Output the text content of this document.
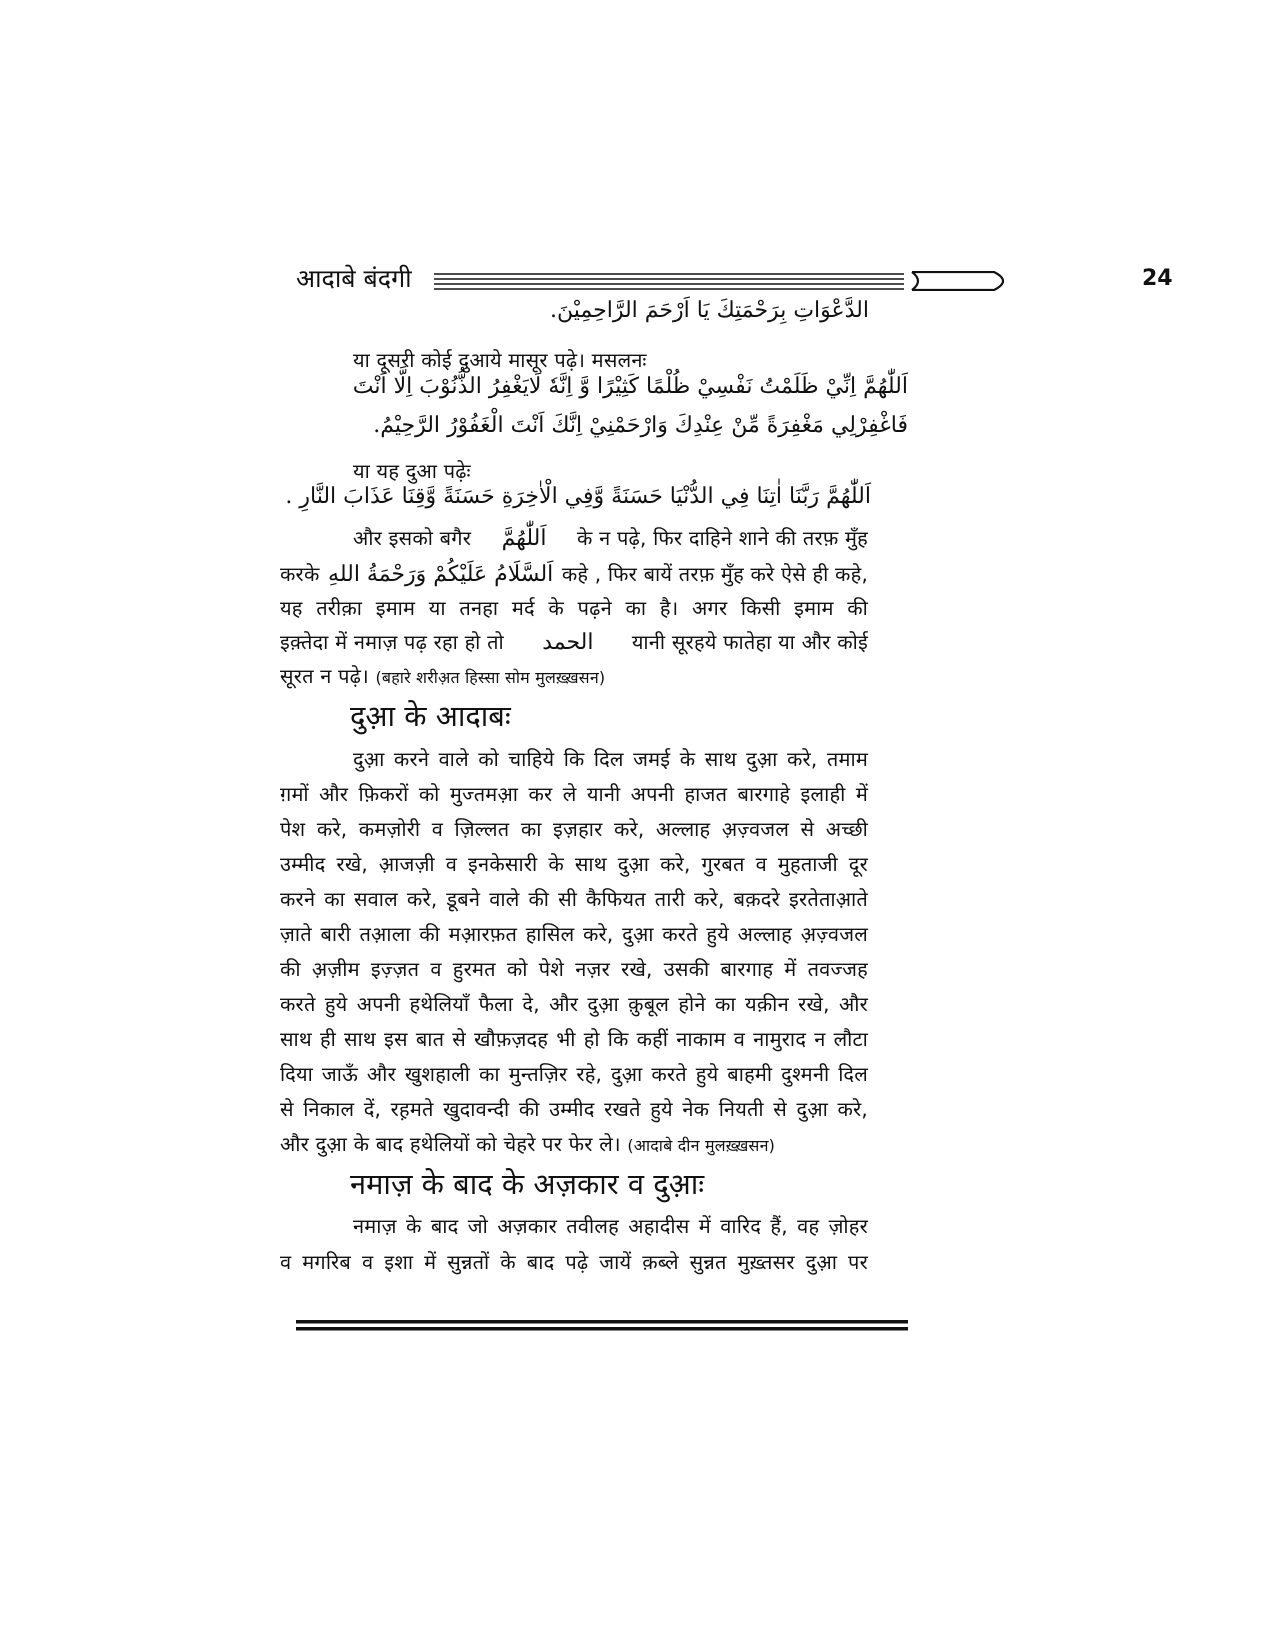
आदाबे बंदगी	24
الدَّعْوَاتِ بِرَحْمَتِكَ يَا اَرْحَمَ الرَّاحِمِيْنَ.
या दूसरी कोई दुआये मासूर पढ़े। मसलनः
اَللّٰهُمَّ اِنِّيْ ظَلَمْتُ نَفْسِيْ ظُلْمًا كَثِيْرًا وَّ اِنَّهٗ لَايَغْفِرُ الذُّنُوْبَ اِلَّا اَنْتَ
فَاغْفِرْلِي مَغْفِرَةً مِّنْ عِنْدِكَ وَارْحَمْنِيْ اِنَّكَ اَنْتَ الْغَفُوْرُ الرَّحِيْمُ.
या यह दुआ पढ़ेः
اَللّٰهُمَّ رَبَّنَا اٰتِنَا فِي الدُّنْيَا حَسَنَةً وَّفِي الْاٰخِرَةِ حَسَنَةً وَّقِنَا عَذَابَ النَّارِ .
और इसको बगैर اَللّٰهُمَّ के न पढ़े, फिर दाहिने शाने की तरफ़ मुँह
करके اَلسَّلَامُ عَلَيْكُمْ وَرَحْمَةُ اللهِ कहे , फिर बायें तरफ़ मुँह करे ऐसे ही कहे,
यह तरीक़ा इमाम या तनहा मर्द के पढ़ने का है। अगर किसी इमाम की
इक़्तेदा में नमाज़ पढ़ रहा हो तो الحمد यानी सूरहये फातेहा या और कोई
सूरत न पढ़े। (बहारे शरीअ़त हिस्सा सोम मुलख़्ख़सन)
दुआ़ के आदाबः
दुआ़ करने वाले को चाहिये कि दिल जमई के साथ दुआ़ करे, तमाम
ग़मों और फ़िकरों को मुज्तमआ़ कर ले यानी अपनी हाजत बारगाहे इलाही में
पेश करे, कमज़ोरी व ज़िल्लत का इज़हार करे, अल्लाह अ़ज़्वजल से अच्छी
उम्मीद रखे, आ़जज़ी व इनकेसारी के साथ दुआ़ करे, गुरबत व मुहताजी दूर
करने का सवाल करे, डूबने वाले की सी कैफियत तारी करे, बक़दरे इरतेताआ़ते
ज़ाते बारी तआ़ला की मआ़रफ़त हासिल करे, दुआ़ करते हुये अल्लाह अ़ज़्वजल
की अ़ज़ीम इज़्ज़त व हुरमत को पेशे नज़र रखे, उसकी बारगाह में तवज्जह
करते हुये अपनी हथेलियाँ फैला दे, और दुआ़ क़ुबूल होने का यक़ीन रखे, और
साथ ही साथ इस बात से खौफ़ज़दह भी हो कि कहीं नाकाम व नामुराद न लौटा
दिया जाऊँ और खुशहाली का मुन्तज़िर रहे, दुआ़ करते हुये बाहमी दुश्मनी दिल
से निकाल दें, रह़मते खुदावन्दी की उम्मीद रखते हुये नेक नियती से दुआ़ करे,
और दुआ़ के बाद हथेलियों को चेहरे पर फेर ले। (आदाबे दीन मुलख़्ख़सन)
नमाज़ के बाद के अज़कार व दुआ़ः
नमाज़ के बाद जो अज़कार तवीलह अहादीस में वारिद हैं, वह ज़ोहर
व मगरिब व इशा में सुन्नतों के बाद पढ़े जायें क़ब्ले सुन्नत मुख़्तसर दुआ़ पर
